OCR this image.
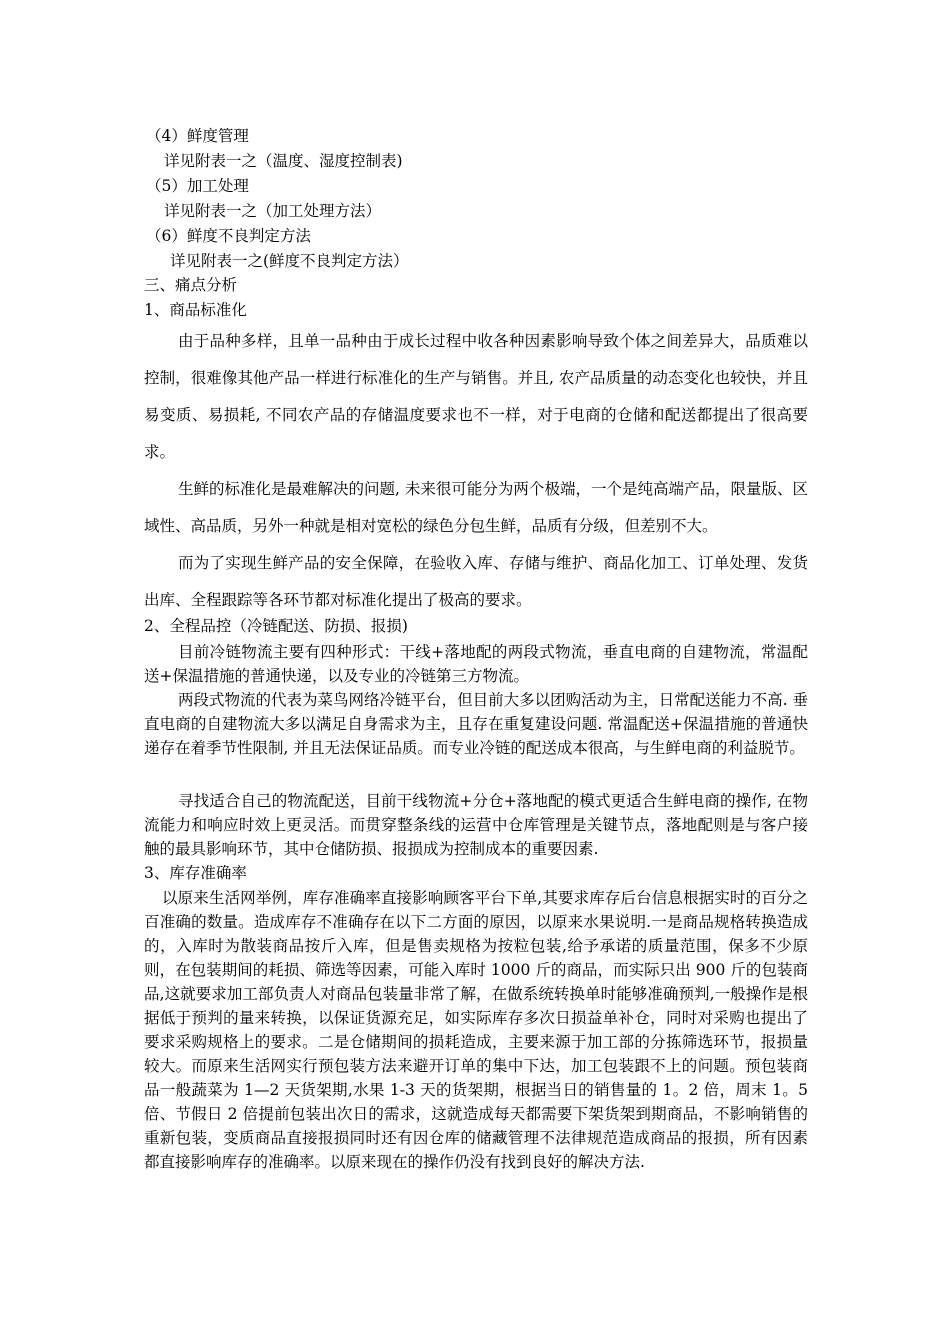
（4）鲜度管理
详见附表一之（温度、湿度控制表)
（5）加工处理
详见附表一之（加工处理方法）
（6）鲜度不良判定方法
详见附表一之(鲜度不良判定方法）
三、痛点分析
1、商品标准化

由于品种多样，且单一品种由于成长过程中收各种因素影响导致个体之间差异大，品质难以控制，很难像其他产品一样进行标准化的生产与销售。并且, 农产品质量的动态变化也较快，并且易变质、易损耗, 不同农产品的存储温度要求也不一样，对于电商的仓储和配送都提出了很高要求。

生鲜的标准化是最难解决的问题, 未来很可能分为两个极端，一个是纯高端产品，限量版、区域性、高品质，另外一种就是相对宽松的绿色分包生鲜，品质有分级，但差别不大。

而为了实现生鲜产品的安全保障，在验收入库、存储与维护、商品化加工、订单处理、发货出库、全程跟踪等各环节都对标准化提出了极高的要求。

2、全程品控（冷链配送、防损、报损)

目前冷链物流主要有四种形式：干线+落地配的两段式物流，垂直电商的自建物流，常温配送+保温措施的普通快递，以及专业的冷链第三方物流。

两段式物流的代表为菜鸟网络冷链平台，但目前大多以团购活动为主，日常配送能力不高. 垂直电商的自建物流大多以满足自身需求为主，且存在重复建设问题. 常温配送+保温措施的普通快递存在着季节性限制, 并且无法保证品质。而专业冷链的配送成本很高，与生鲜电商的利益脱节。

寻找适合自己的物流配送，目前干线物流+分仓+落地配的模式更适合生鲜电商的操作, 在物流能力和响应时效上更灵活。而贯穿整条线的运营中仓库管理是关键节点，落地配则是与客户接触的最具影响环节，其中仓储防损、报损成为控制成本的重要因素.

3、库存准确率

以原来生活网举例，库存准确率直接影响顾客平台下单,其要求库存后台信息根据实时的百分之百准确的数量。造成库存不准确存在以下二方面的原因，以原来水果说明.一是商品规格转换造成的，入库时为散装商品按斤入库，但是售卖规格为按粒包装,给予承诺的质量范围，保多不少原则，在包装期间的耗损、筛选等因素，可能入库时 1000 斤的商品，而实际只出 900 斤的包装商品,这就要求加工部负责人对商品包装量非常了解，在做系统转换单时能够准确预判,一般操作是根据低于预判的量来转换，以保证货源充足，如实际库存多次日损益单补仓，同时对采购也提出了要求采购规格上的要求。二是仓储期间的损耗造成，主要来源于加工部的分拣筛选环节，报损量较大。而原来生活网实行预包装方法来避开订单的集中下达，加工包装跟不上的问题。预包装商品一般蔬菜为 1—2 天货架期,水果 1-3 天的货架期，根据当日的销售量的 1。2 倍，周末 1。5 倍、节假日 2 倍提前包装出次日的需求，这就造成每天都需要下架货架到期商品，不影响销售的重新包装，变质商品直接报损同时还有因仓库的储藏管理不法律规范造成商品的报损，所有因素都直接影响库存的准确率。以原来现在的操作仍没有找到良好的解决方法.
